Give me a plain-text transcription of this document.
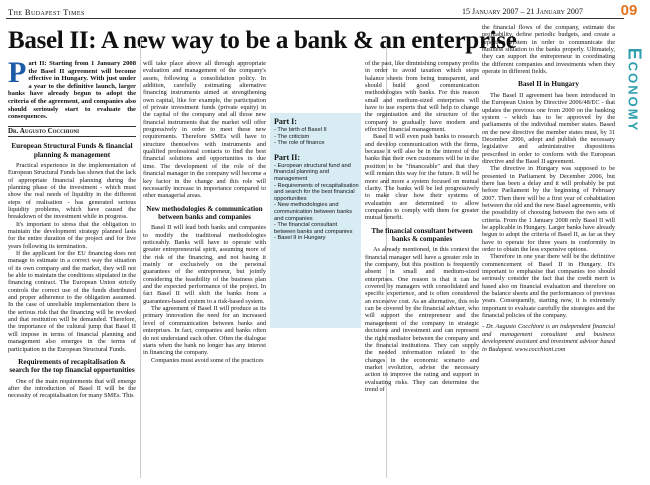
The Budapest Times	15 January 2007 – 21 January 2007	09
Economy
Basel II: A new way to be a bank & an enterprise
Part II: Starting from 1 January 2008 the Basel II agreement will become effective in Hungary. With just under a year to the definitive launch, larger banks have already begun to adopt the criteria of the agreement, and companies also should seriously start to evaluate the consequences.
Dr. Augusto Cocchioni
European Structural Funds & financial planning & management

Practical experience in the implementation of European Structural Funds has shown that the lack of appropriate financial planning during the planning phase of the investment - which must show the real needs of liquidity in the different steps of realisation - has generated serious liquidity problems, which have caused the breakdown of the investment while in progress.

It's important to stress that the obligation to maintain the development strategy planned lasts for the entire duration of the project and for five years following its termination.

If the applicant for the EU financing does not manage to estimate in a correct way the situation of its own company and the market, they will not be able to maintain the conditions stipulated in the financing contract. The European Union strictly controls the correct use of the funds distributed and proper adherence to the obligation assumed. In the case of unreliable implementation there is the serious risk that the financing will be revoked and that restitution will be demanded. Therefore, the importance of the cultural jump that Basel II will impose in terms of financial planning and management also emerges in the terms of participation in the European Structural Funds.

Requirements of recapitalisation & search for the top financial opportunities

One of the main requirements that will emerge after the introduction of Basel II will be the necessity of recapitalisation for many SMEs. This

will take place above all through appropriate evaluation and management of the company's assets, following a consolidation policy. In addition, carefully estimating alternative financing instruments aimed at strengthening own capital, like for example, the participation of private investment funds (private equity) in the capital of the company and all those new financial instruments that the market will offer progressively in order to meet these new requirements. Therefore SMEs will have to structure themselves with instruments and qualified professional contacts to find the best financial solutions and opportunities in due time. The development of the role of the financial manager in the company will become a key factor in the change and this role will necessarily increase in importance compared to other managerial areas.

New methodologies & communication between banks and companies

Basel II will lead both banks and companies to modify the traditional methodologies noticeably. Banks will have to operate with greater entrepreneurial spirit, assuming more of the risk of the financing, and not basing it mainly or exclusively on the personal guarantees of the entrepreneur, but jointly considering the feasibility of the business plan and the expected performance of the project. In fact Basel II will shift the banks from a guarantees-based system to a risk-based system.

The agreement of Basel II will produce as its primary innovation the need for an increased level of communication between banks and enterprises. In fact, companies and banks often do not understand each other. Often the dialogue starts when the bank no longer has any interest in financing the company.

Companies must avoid some of the practices

Part I:
- The birth of Basel II
- The criticism
- The role of finance
Part II:
- European structural fund and financial planning and management
- Requirements of recapitalisation and search for the best financial opportunities
- New methodologies and communication between banks and companies
- The financial consultant between banks and companies
- Basel II in Hungary

of the past, like diminishing company profits in order to avoid taxation which stops balance sheets from being transparent, and should build good communication methodologies with banks. For this reason small and medium-sized enterprises will have to use experts that will help to change the organisation and the structure of the company to gradually have modern and effective financial management.

Basel II will even push banks to research and develop communication with the firms, because it will also be in the interest of the banks that their own customers will be in the position to be "financeable" and that they will remain this way for the future. It will be more and more a system focused on mutual clarity. The banks will be led progressively to make clear how their systems of evaluation are determined to allow companies to comply with them for greater mutual benefit.

The financial consultant between banks & companies

As already mentioned, in this context the financial manager will have a greater role in the company, but this position is frequently absent in small and medium-sized enterprises. One reason is that it can be covered by managers with consolidated and specific experience, and is often considered an excessive cost. As an alternative, this role can be covered by the financial adviser, who will support the entrepreneur and the management of the company in strategic decisions and investment and can represent the right mediator between the company and the financial institutions. They can supply the needed information related to the changes in the economic scenario and market evolution, advise the necessary action to improve the rating and support in evaluating risks. They can determine the trend of

the financial flows of the company, estimate the profitability, define periodic budgets, and create a reporting system in order to communicate the business situation to the banks properly. Ultimately, they can support the entrepreneur in coordinating the different companies and investments when they operate in different fields.

Basel II in Hungary

The Basel II agreement has been introduced in the European Union by Directive 2006/48/EC - that updates the previous one from 2000 on the banking system - which has to be approved by the parliaments of the individual member states. Based on the new directive the member states must, by 31 December 2006, adopt and publish the necessary legislative and administrative dispositions prescribed in order to conform with the European directive and the Basel II agreement.

The directive in Hungary was supposed to be presented in Parliament by December 2006, but there has been a delay and it will probably be put before Parliament by the beginning of February 2007. Then there will be a first year of cohabitation between the old and the new Basel agreements, with the possibility of choosing between the two sets of criteria. From the 1 January 2008 only Basel II will be applicable in Hungary. Larger banks have already begun to adopt the criteria of Basel II, as far as they have to operate for three years in conformity in order to obtain the less expensive options.

Therefore in one year there will be the definitive commencement of Basel II in Hungary. It's important to emphasise that companies too should seriously consider the fact that the credit merit is based also on financial evaluation and therefore on the balance sheets and the performances of previous years. Consequently, starting now, it is extremely important to evaluate carefully the strategies and the financial policies of the company.

- Dr. Augusto Cocchioni is an independent financial and management consultant and business development assistant and investment advisor based in Budapest. www.cocchioni.com
